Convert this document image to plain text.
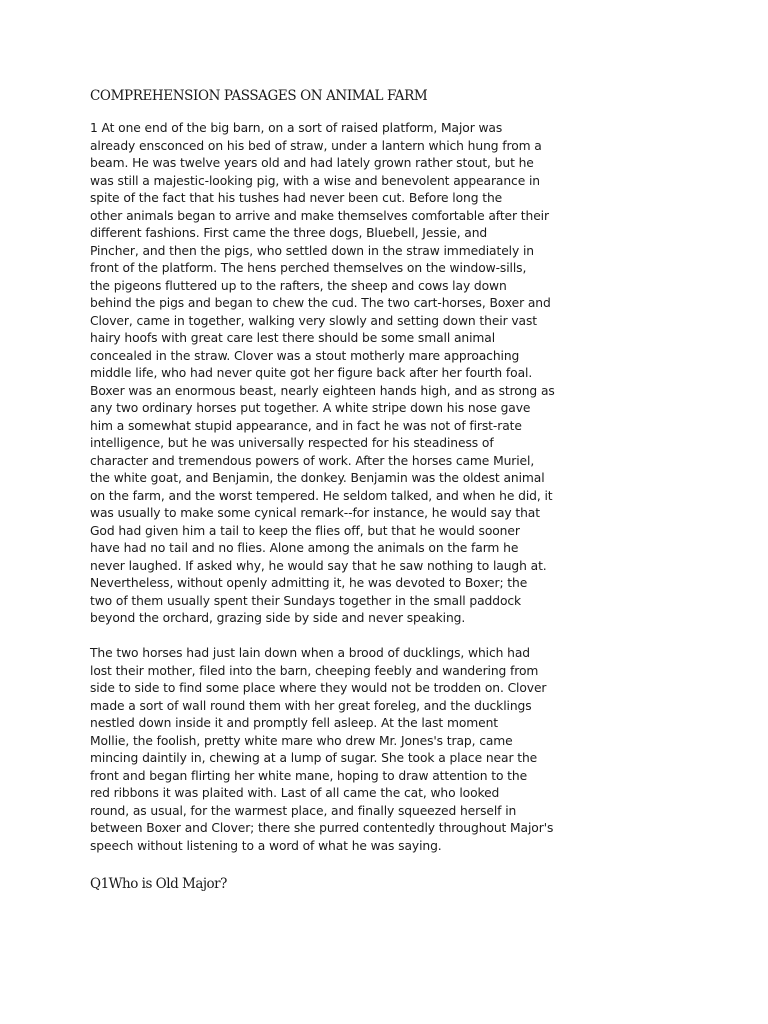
COMPREHENSION PASSAGES ON ANIMAL FARM
1 At one end of the big barn, on a sort of raised platform, Major was
already ensconced on his bed of straw, under a lantern which hung from a
beam. He was twelve years old and had lately grown rather stout, but he
was still a majestic-looking pig, with a wise and benevolent appearance in
spite of the fact that his tushes had never been cut. Before long the
other animals began to arrive and make themselves comfortable after their
different fashions. First came the three dogs, Bluebell, Jessie, and
Pincher, and then the pigs, who settled down in the straw immediately in
front of the platform. The hens perched themselves on the window-sills,
the pigeons fluttered up to the rafters, the sheep and cows lay down
behind the pigs and began to chew the cud. The two cart-horses, Boxer and
Clover, came in together, walking very slowly and setting down their vast
hairy hoofs with great care lest there should be some small animal
concealed in the straw. Clover was a stout motherly mare approaching
middle life, who had never quite got her figure back after her fourth foal.
Boxer was an enormous beast, nearly eighteen hands high, and as strong as
any two ordinary horses put together. A white stripe down his nose gave
him a somewhat stupid appearance, and in fact he was not of first-rate
intelligence, but he was universally respected for his steadiness of
character and tremendous powers of work. After the horses came Muriel,
the white goat, and Benjamin, the donkey. Benjamin was the oldest animal
on the farm, and the worst tempered. He seldom talked, and when he did, it
was usually to make some cynical remark--for instance, he would say that
God had given him a tail to keep the flies off, but that he would sooner
have had no tail and no flies. Alone among the animals on the farm he
never laughed. If asked why, he would say that he saw nothing to laugh at.
Nevertheless, without openly admitting it, he was devoted to Boxer; the
two of them usually spent their Sundays together in the small paddock
beyond the orchard, grazing side by side and never speaking.
The two horses had just lain down when a brood of ducklings, which had
lost their mother, filed into the barn, cheeping feebly and wandering from
side to side to find some place where they would not be trodden on. Clover
made a sort of wall round them with her great foreleg, and the ducklings
nestled down inside it and promptly fell asleep. At the last moment
Mollie, the foolish, pretty white mare who drew Mr. Jones's trap, came
mincing daintily in, chewing at a lump of sugar. She took a place near the
front and began flirting her white mane, hoping to draw attention to the
red ribbons it was plaited with. Last of all came the cat, who looked
round, as usual, for the warmest place, and finally squeezed herself in
between Boxer and Clover; there she purred contentedly throughout Major's
speech without listening to a word of what he was saying.
Q1Who is Old Major?
